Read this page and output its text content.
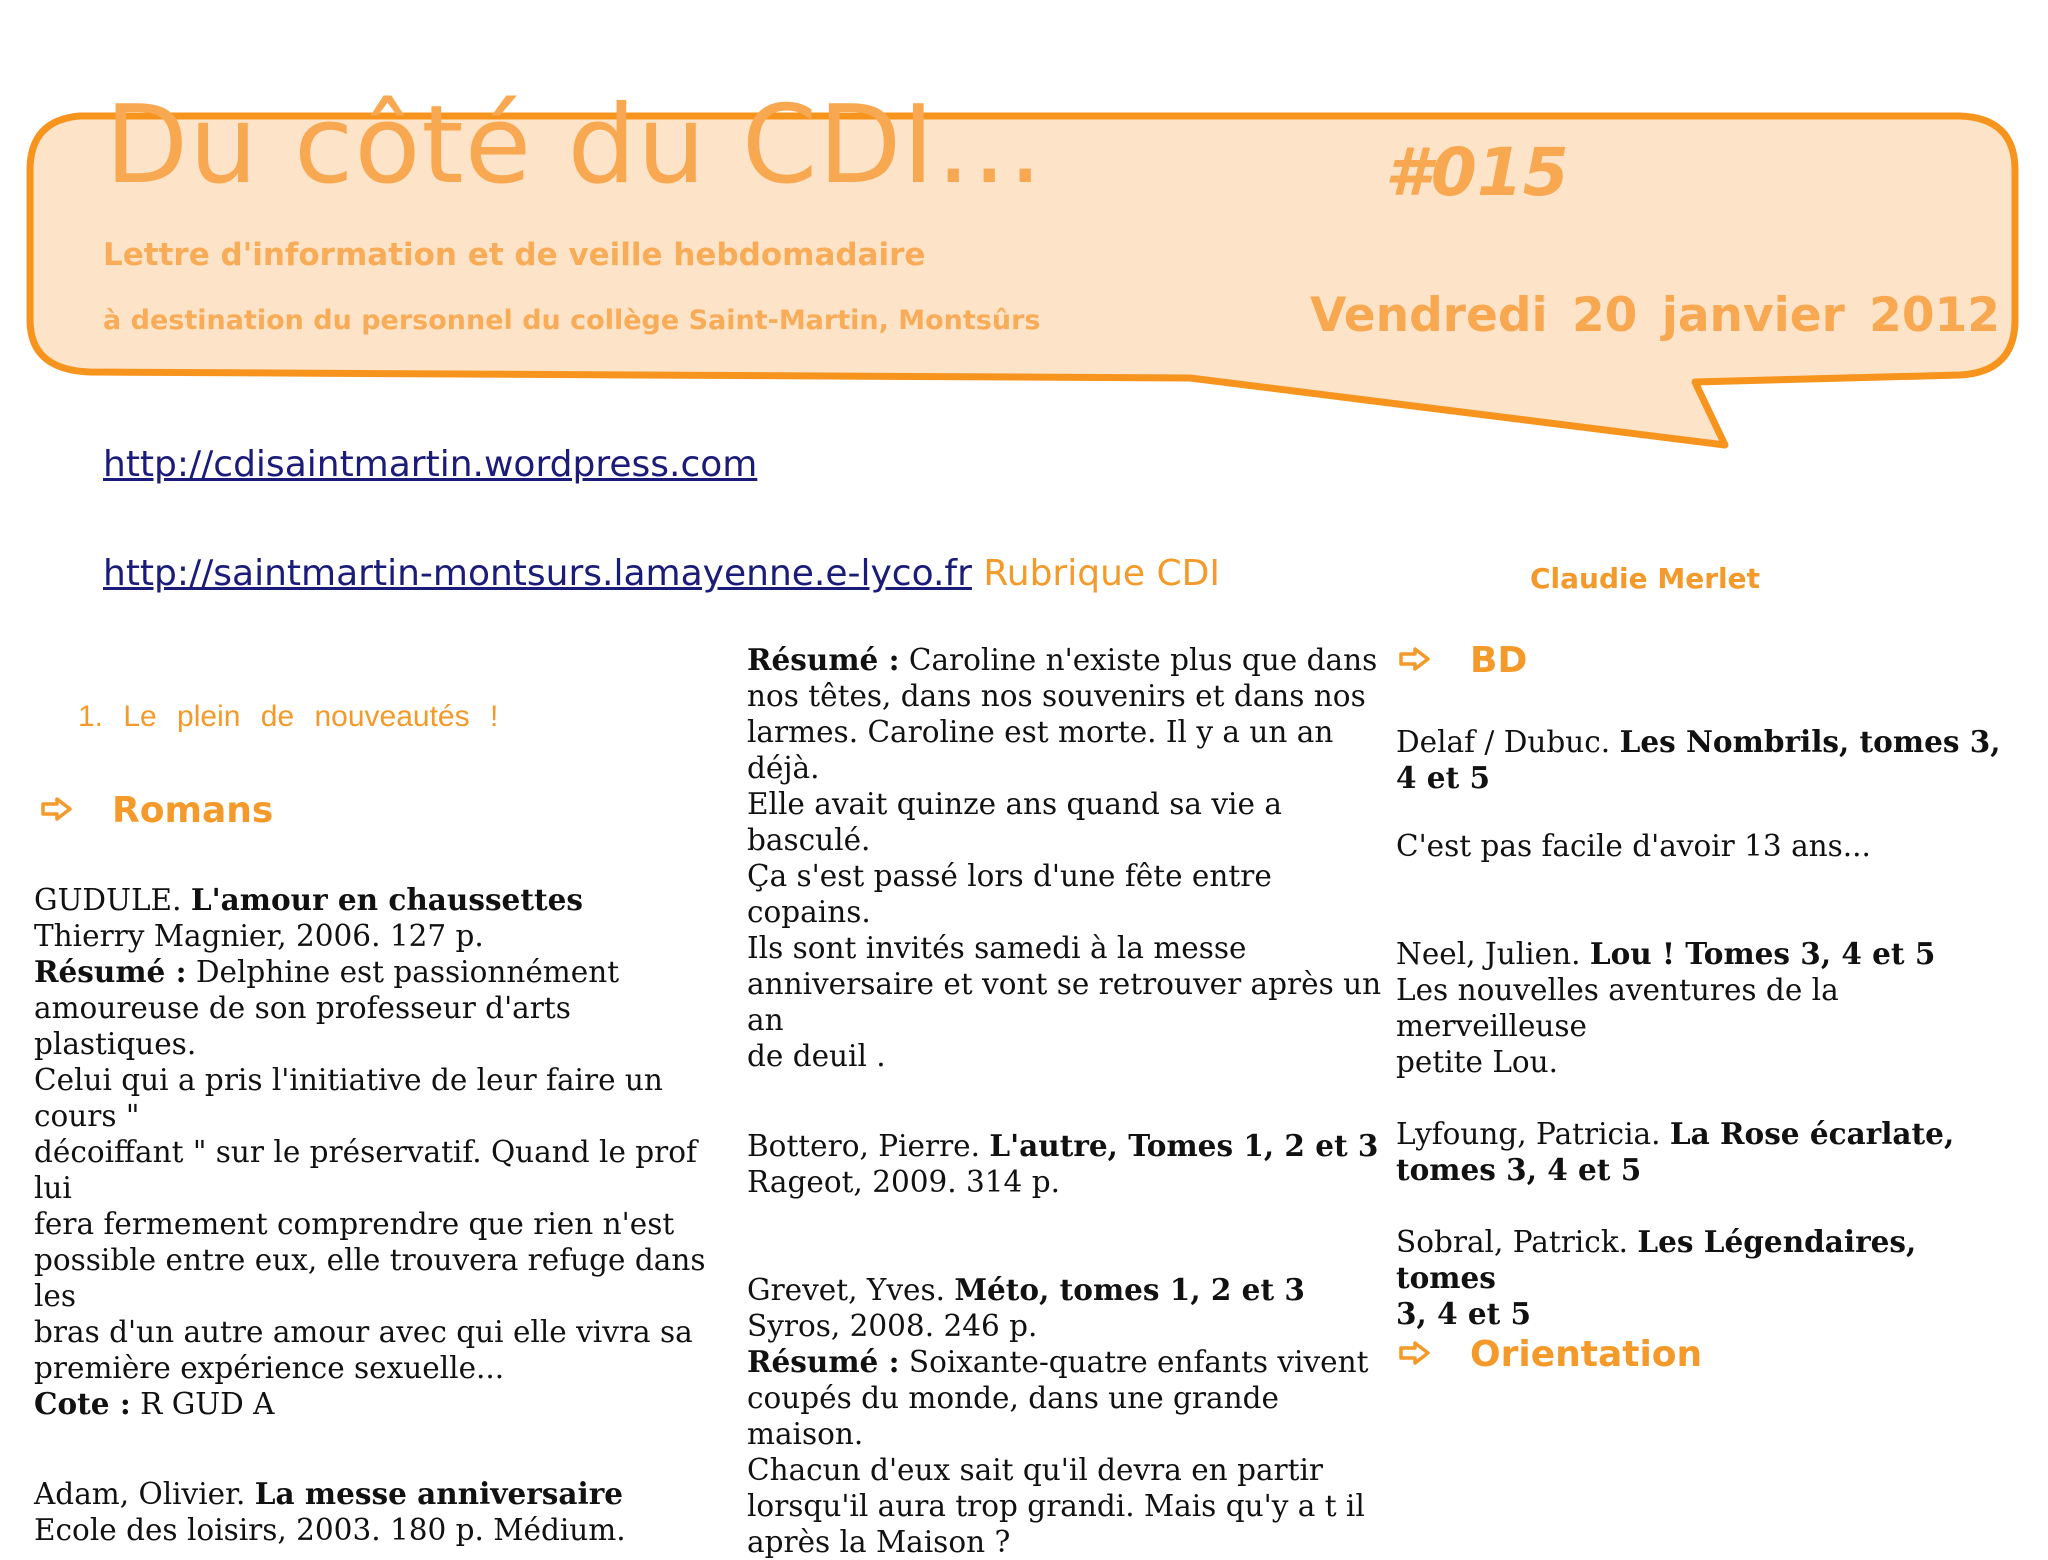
Du côté du CDI…	#015
Lettre d'information et de veille hebdomadaire
à destination du personnel du collège Saint-Martin, Montsûrs	Vendredi 20 janvier 2012
http://cdisaintmartin.wordpress.com
http://saintmartin-montsurs.lamayenne.e-lyco.fr Rubrique CDI	Claudie Merlet
1. Le plein de nouveautés !
Romans
BD
Orientation

GUDULE. L'amour en chaussettes

Thierry Magnier, 2006. 127 p.

Résumé : Delphine est passionnément

amoureuse de son professeur d'arts plastiques.

Celui qui a pris l'initiative de leur faire un cours "

décoiffant " sur le préservatif. Quand le prof lui

fera fermement comprendre que rien n'est

possible entre eux, elle trouvera refuge dans les

bras d'un autre amour avec qui elle vivra sa

première expérience sexuelle...

Cote : R GUD A

Adam, Olivier. La messe anniversaire

Ecole des loisirs, 2003. 180 p. Médium.

Résumé : Caroline n'existe plus que dans

nos têtes, dans nos souvenirs et dans nos

larmes. Caroline est morte. Il y a un an déjà.

Elle avait quinze ans quand sa vie a basculé.

Ça s'est passé lors d'une fête entre copains.

Ils sont invités samedi à la messe

anniversaire et vont se retrouver après un an

de deuil .

Bottero, Pierre. L'autre, Tomes 1, 2 et 3

Rageot, 2009. 314 p.

Grevet, Yves. Méto, tomes 1, 2 et 3

Syros, 2008. 246 p.

Résumé : Soixante-quatre enfants vivent

coupés du monde, dans une grande maison.

Chacun d'eux sait qu'il devra en partir

lorsqu'il aura trop grandi. Mais qu'y a t il

après la Maison ?

Delaf / Dubuc. Les Nombrils, tomes 3,

4 et 5

C'est pas facile d'avoir 13 ans...

Neel, Julien. Lou ! Tomes 3, 4 et 5

Les nouvelles aventures de la merveilleuse

petite Lou.

Lyfoung, Patricia. La Rose écarlate,

tomes 3, 4 et 5

Sobral, Patrick. Les Légendaires, tomes

3, 4 et 5
